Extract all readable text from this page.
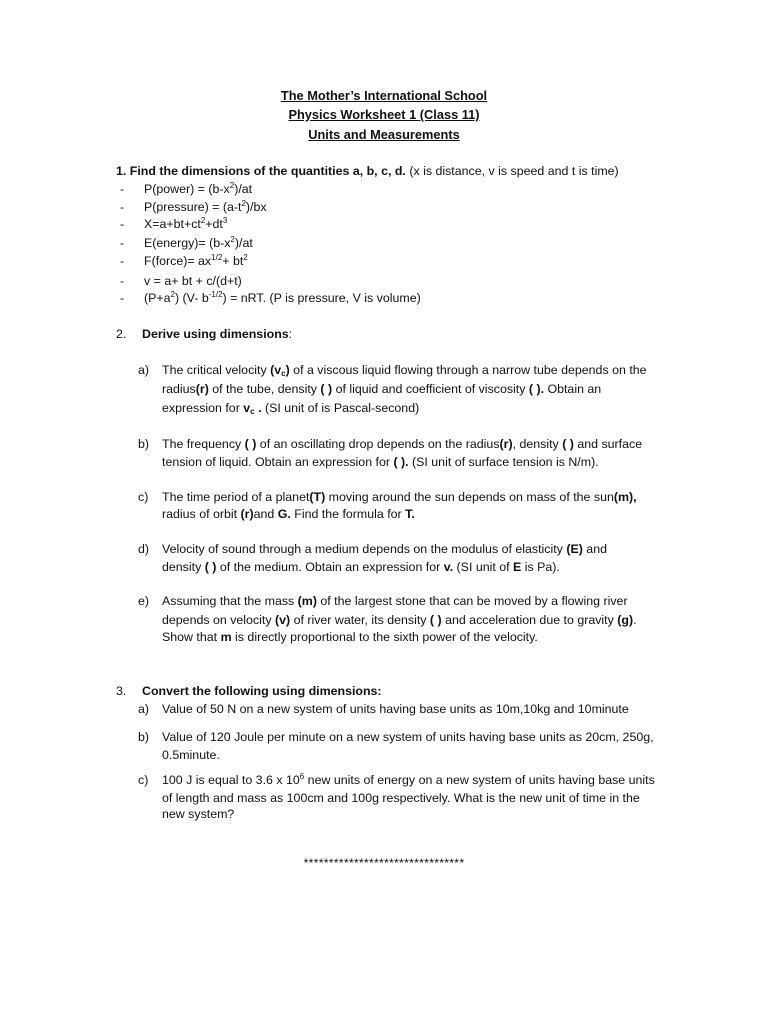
The Mother’s International School
Physics Worksheet 1 (Class 11)
Units and Measurements
1. Find the dimensions of the quantities a, b, c, d. (x is distance, v is speed and t is time)
- P(power) = $(b-x^2)/at$
- P(pressure) = $(a-t^2)/bx$
- $X=a+bt+ct^2+dt^3$
- E(energy)= $(b-x^2)/at$
- F(force)= $ax^{1/2}+ bt^2$
- v = a+ bt + c/(d+t)
- $(P+a^2)$ (V- $b^{-1/2}$) = nRT. (P is pressure, V is volume)
2. Derive using dimensions:
a) The critical velocity $(v_c)$ of a viscous liquid flowing through a narrow tube depends on the
radius(r) of the tube, density ( ) of liquid and coefficient of viscosity ( ). Obtain an
expression for $v_c$ . (SI unit of is Pascal-second)
b) The frequency ( ) of an oscillating drop depends on the radius(r), density ( ) and surface
tension of liquid. Obtain an expression for ( ). (SI unit of surface tension is N/m).
c) The time period of a planet(T) moving around the sun depends on mass of the sun(m),
radius of orbit (r)and G. Find the formula for T.
d) Velocity of sound through a medium depends on the modulus of elasticity (E) and
density ( ) of the medium. Obtain an expression for v. (SI unit of E is Pa).
e) Assuming that the mass (m) of the largest stone that can be moved by a flowing river
depends on velocity (v) of river water, its density ( ) and acceleration due to gravity (g).
Show that m is directly proportional to the sixth power of the velocity.
3. Convert the following using dimensions:
a) Value of 50 N on a new system of units having base units as 10m,10kg and 10minute
b) Value of 120 Joule per minute on a new system of units having base units as 20cm, 250g,
0.5minute.
c) 100 J is equal to 3.6 x $10^6$ new units of energy on a new system of units having base units
of length and mass as 100cm and 100g respectively. What is the new unit of time in the
new system?
********************************
